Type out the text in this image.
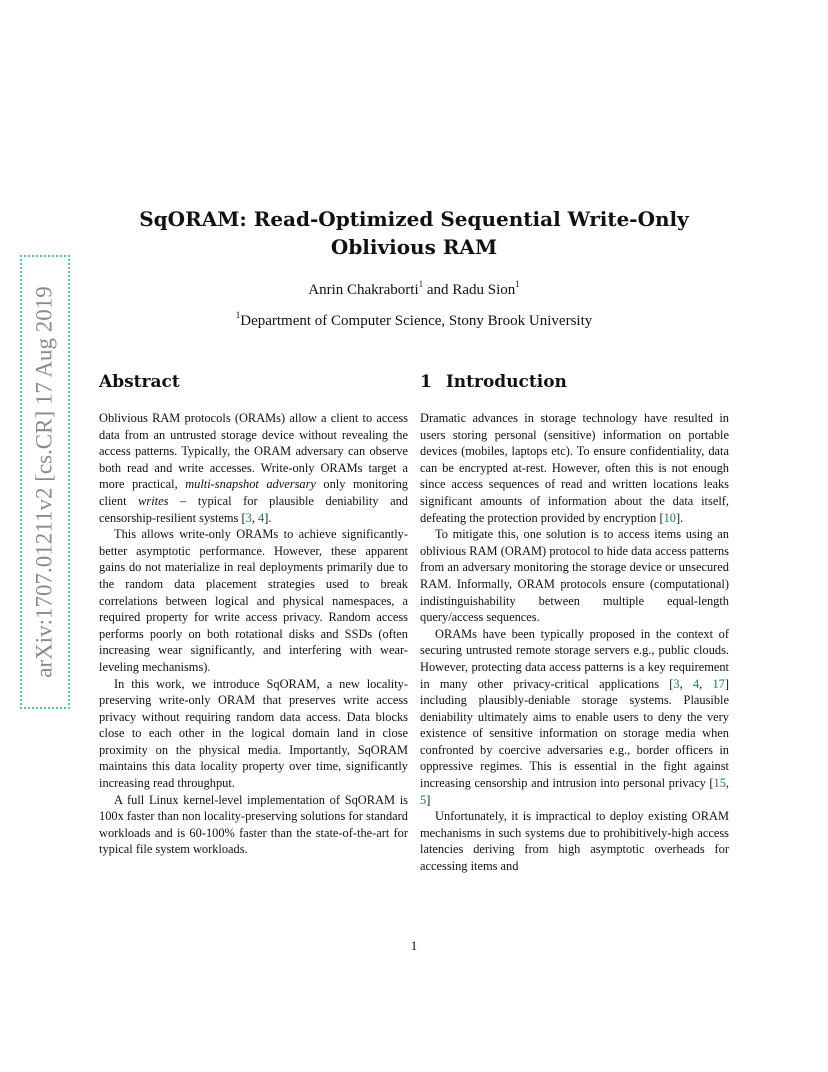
arXiv:1707.01211v2 [cs.CR] 17 Aug 2019
SqORAM: Read-Optimized Sequential Write-Only
Oblivious RAM
Anrin Chakraborti$^1$ and Radu Sion$^1$
$^1$Department of Computer Science, Stony Brook University
Abstract

Oblivious RAM protocols (ORAMs) allow a client to access data from an untrusted storage device without revealing the access patterns. Typically, the ORAM adversary can observe both read and write accesses. Write-only ORAMs target a more practical, multi-snapshot adversary only monitoring client writes – typical for plausible deniability and censorship-resilient systems [3, 4].

This allows write-only ORAMs to achieve significantly-better asymptotic performance. However, these apparent gains do not materialize in real deployments primarily due to the random data placement strategies used to break correlations between logical and physical namespaces, a required property for write access privacy. Random access performs poorly on both rotational disks and SSDs (often increasing wear significantly, and interfering with wear-leveling mechanisms).

In this work, we introduce SqORAM, a new locality-preserving write-only ORAM that preserves write access privacy without requiring random data access. Data blocks close to each other in the logical domain land in close proximity on the physical media. Importantly, SqORAM maintains this data locality property over time, significantly increasing read throughput.

A full Linux kernel-level implementation of SqORAM is 100x faster than non locality-preserving solutions for standard workloads and is 60-100% faster than the state-of-the-art for typical file system workloads.

1 Introduction

Dramatic advances in storage technology have resulted in users storing personal (sensitive) information on portable devices (mobiles, laptops etc). To ensure confidentiality, data can be encrypted at-rest. However, often this is not enough since access sequences of read and written locations leaks significant amounts of information about the data itself, defeating the protection provided by encryption [10].

To mitigate this, one solution is to access items using an oblivious RAM (ORAM) protocol to hide data access patterns from an adversary monitoring the storage device or unsecured RAM. Informally, ORAM protocols ensure (computational) indistinguishability between multiple equal-length query/access sequences.

ORAMs have been typically proposed in the context of securing untrusted remote storage servers e.g., public clouds. However, protecting data access patterns is a key requirement in many other privacy-critical applications [3, 4, 17] including plausibly-deniable storage systems. Plausible deniability ultimately aims to enable users to deny the very existence of sensitive information on storage media when confronted by coercive adversaries e.g., border officers in oppressive regimes. This is essential in the fight against increasing censorship and intrusion into personal privacy [15, 5]

Unfortunately, it is impractical to deploy existing ORAM mechanisms in such systems due to prohibitively-high access latencies deriving from high asymptotic overheads for accessing items and

1
